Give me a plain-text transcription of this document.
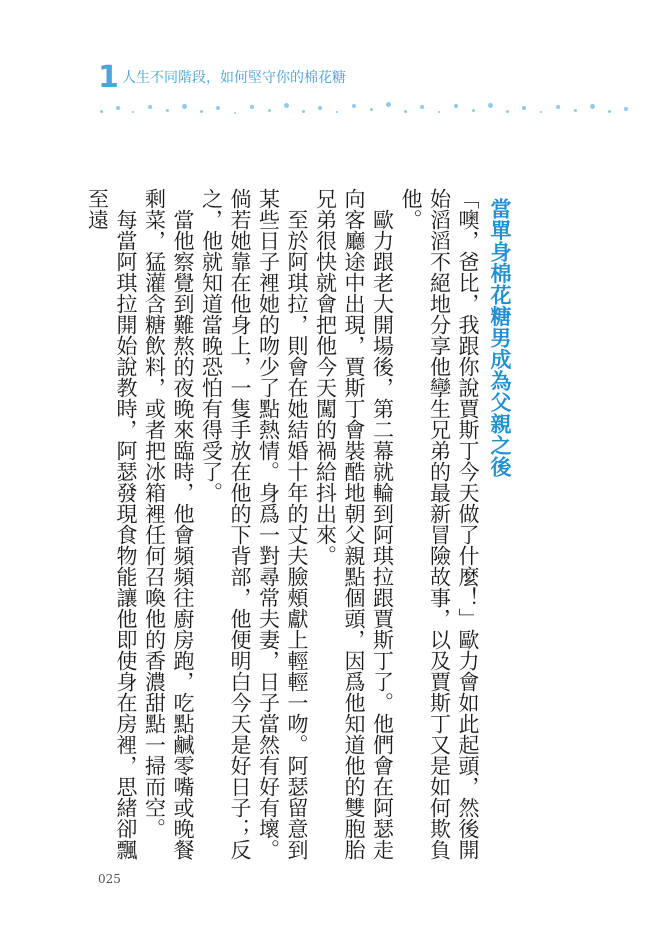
1 人生不同階段，如何堅守你的棉花糖
當單身棉花糖男成為父親之後

「噢，爸比，我跟你說賈斯丁今天做了什麼！」歐力會如此起頭，然後開始滔滔不絕地分享他孿生兄弟的最新冒險故事，以及賈斯丁又是如何欺負他。

歐力跟老大開場後，第二幕就輪到阿琪拉跟賈斯丁了。他們會在阿瑟走向客廳途中出現，賈斯丁會裝酷地朝父親點個頭，因爲他知道他的雙胞胎兄弟很快就會把他今天闖的禍給抖出來。

至於阿琪拉，則會在她結婚十年的丈夫臉頰獻上輕輕一吻。阿瑟留意到某些日子裡她的吻少了點熱情。身爲一對尋常夫妻，日子當然有好有壞。倘若她靠在他身上，一隻手放在他的下背部，他便明白今天是好日子；反之，他就知道當晚恐怕有得受了。

當他察覺到難熬的夜晚來臨時，他會頻頻往廚房跑，吃點鹹零嘴或晚餐剩菜，猛灌含糖飲料，或者把冰箱裡任何召喚他的香濃甜點一掃而空。

每當阿琪拉開始說教時，阿瑟發現食物能讓他即使身在房裡，思緒卻飄至遠

025
